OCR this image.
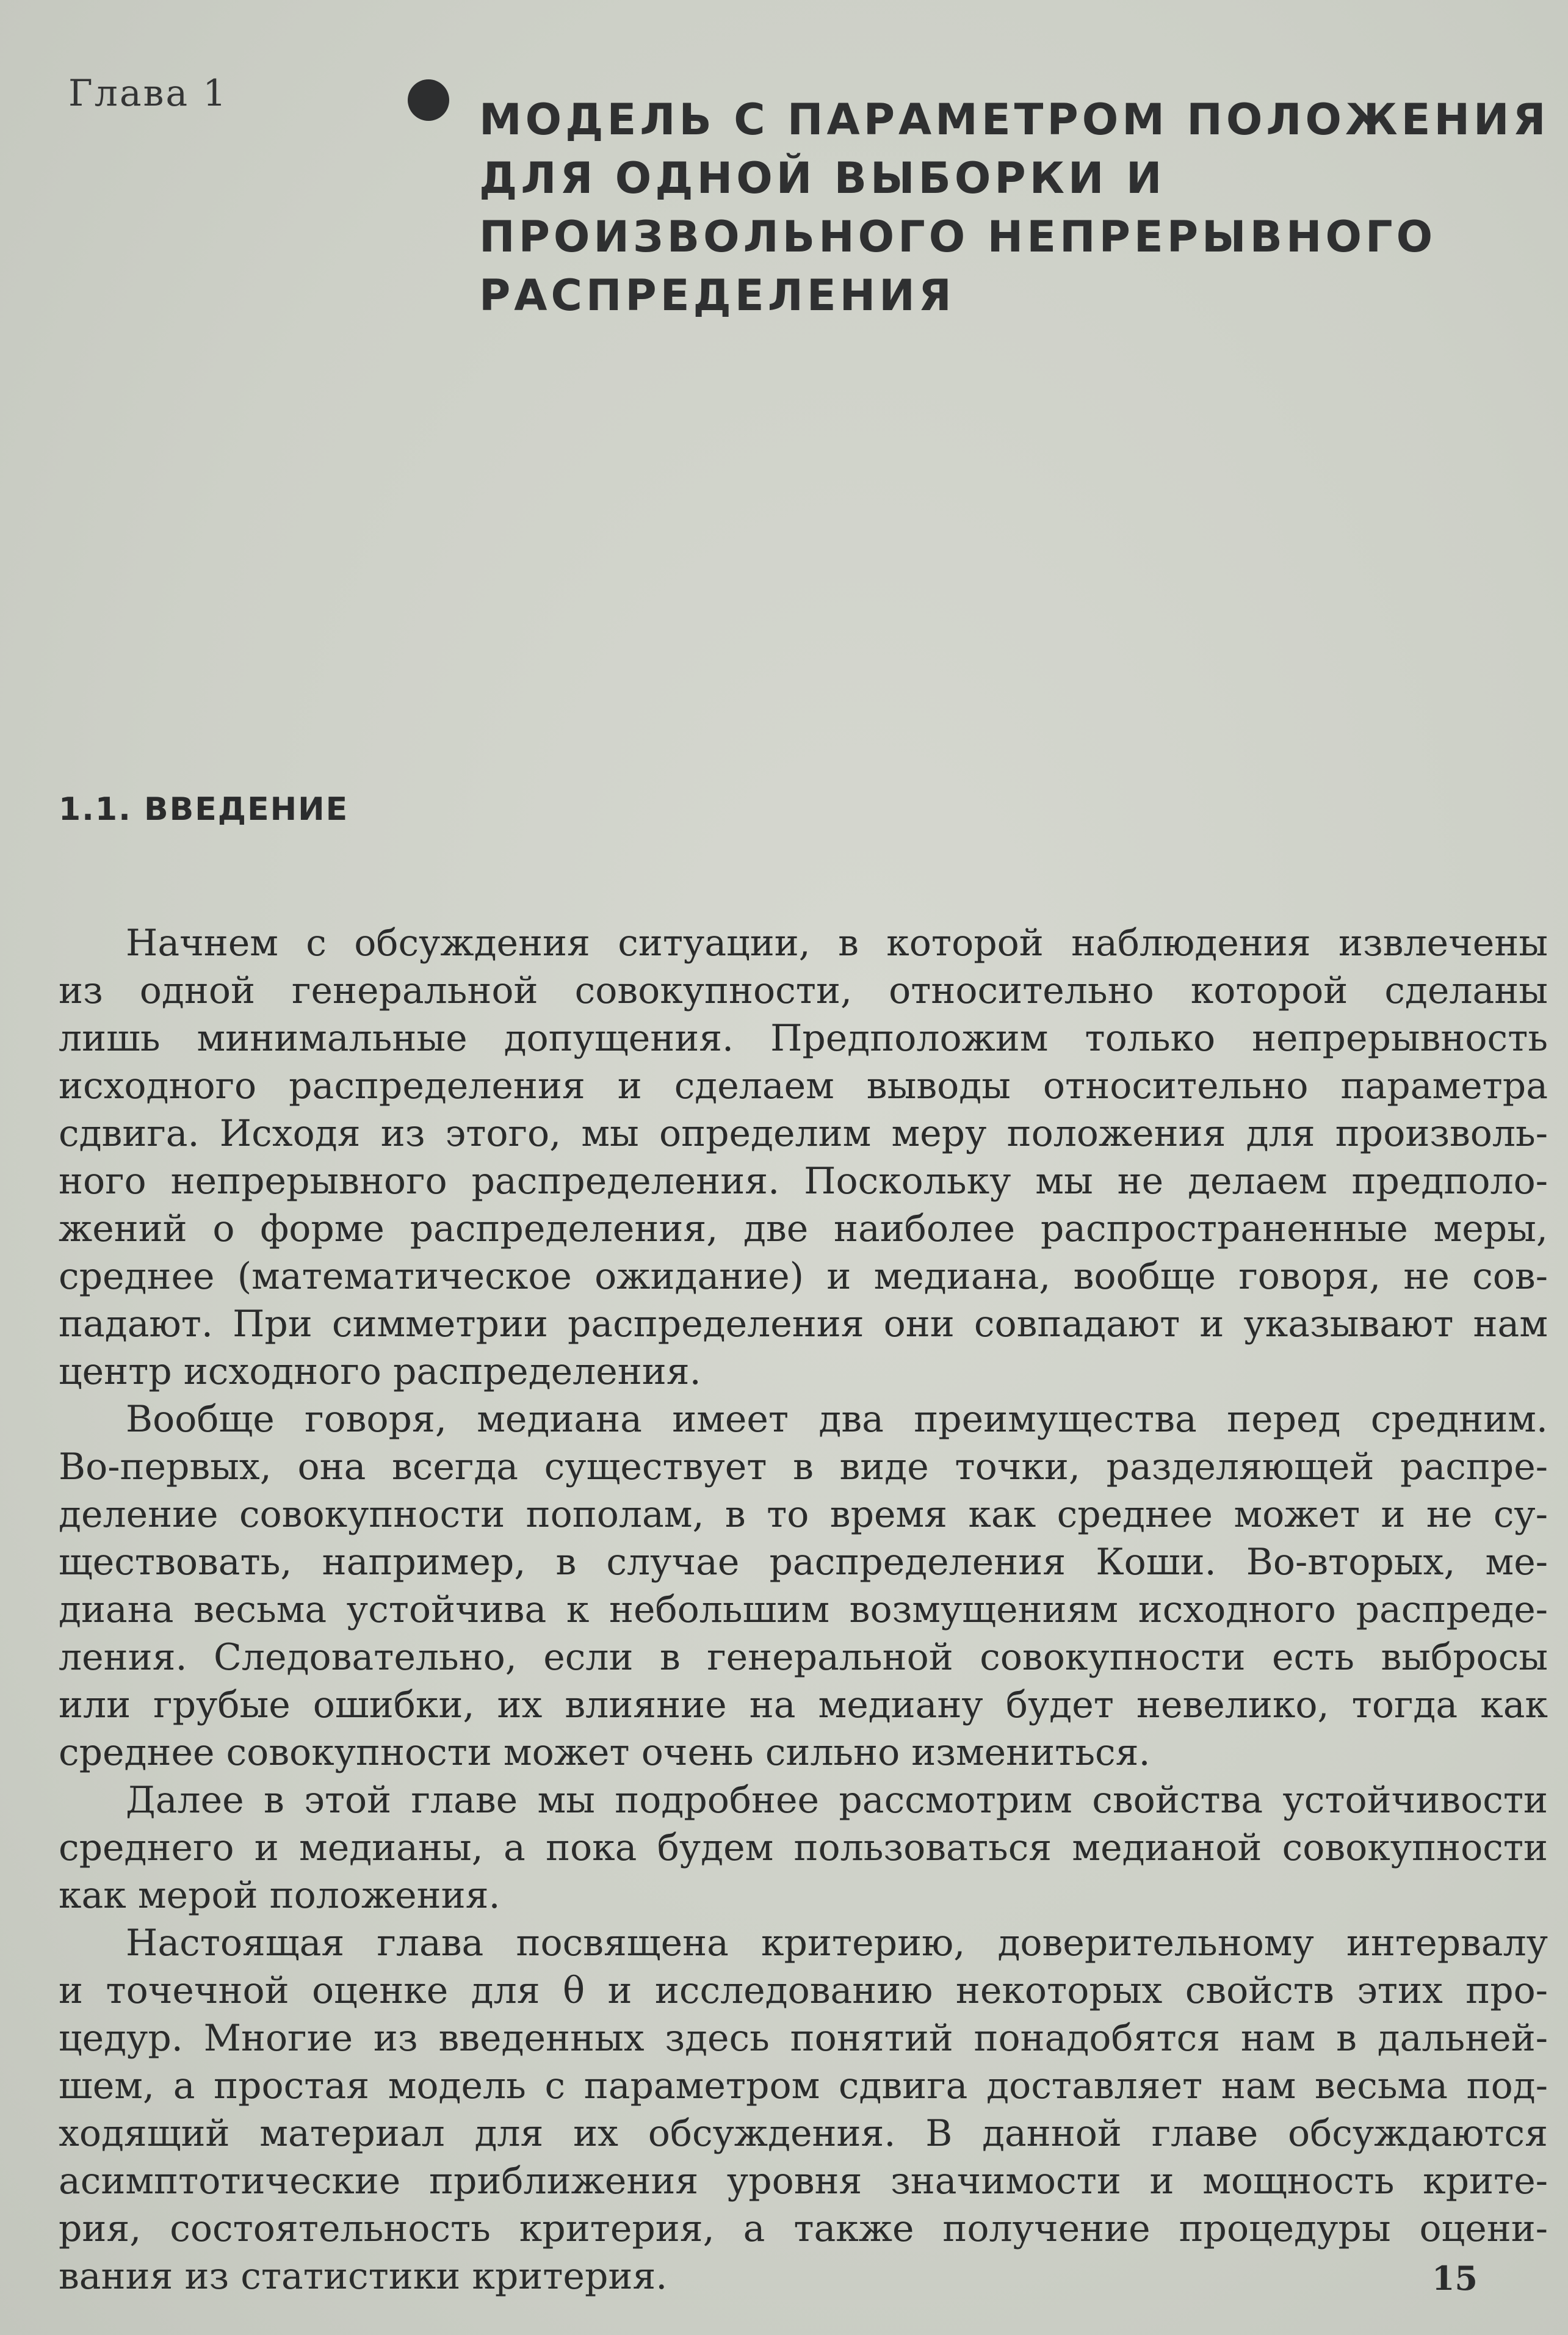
Глава 1
МОДЕЛЬ С ПАРАМЕТРОМ ПОЛОЖЕНИЯ
ДЛЯ ОДНОЙ ВЫБОРКИ И
ПРОИЗВОЛЬНОГО НЕПРЕРЫВНОГО
РАСПРЕДЕЛЕНИЯ
1.1. ВВЕДЕНИЕ
Начнем с обсуждения ситуации, в которой наблюдения извлечены
из одной генеральной совокупности, относительно которой сделаны
лишь минимальные допущения. Предположим только непрерывность
исходного распределения и сделаем выводы относительно параметра
сдвига. Исходя из этого, мы определим меру положения для произволь-
ного непрерывного распределения. Поскольку мы не делаем предполо-
жений о форме распределения, две наиболее распространенные меры,
среднее (математическое ожидание) и медиана, вообще говоря, не сов-
падают. При симметрии распределения они совпадают и указывают нам
центр исходного распределения.
Вообще говоря, медиана имеет два преимущества перед средним.
Во-первых, она всегда существует в виде точки, разделяющей распре-
деление совокупности пополам, в то время как среднее может и не су-
ществовать, например, в случае распределения Коши. Во-вторых, ме-
диана весьма устойчива к небольшим возмущениям исходного распреде-
ления. Следовательно, если в генеральной совокупности есть выбросы
или грубые ошибки, их влияние на медиану будет невелико, тогда как
среднее совокупности может очень сильно измениться.
Далее в этой главе мы подробнее рассмотрим свойства устойчивости
среднего и медианы, а пока будем пользоваться медианой совокупности
как мерой положения.
Настоящая глава посвящена критерию, доверительному интервалу
и точечной оценке для θ и исследованию некоторых свойств этих про-
цедур. Многие из введенных здесь понятий понадобятся нам в дальней-
шем, а простая модель с параметром сдвига доставляет нам весьма под-
ходящий материал для их обсуждения. В данной главе обсуждаются
асимптотические приближения уровня значимости и мощность крите-
рия, состоятельность критерия, а также получение процедуры оцени-
вания из статистики критерия.	15
